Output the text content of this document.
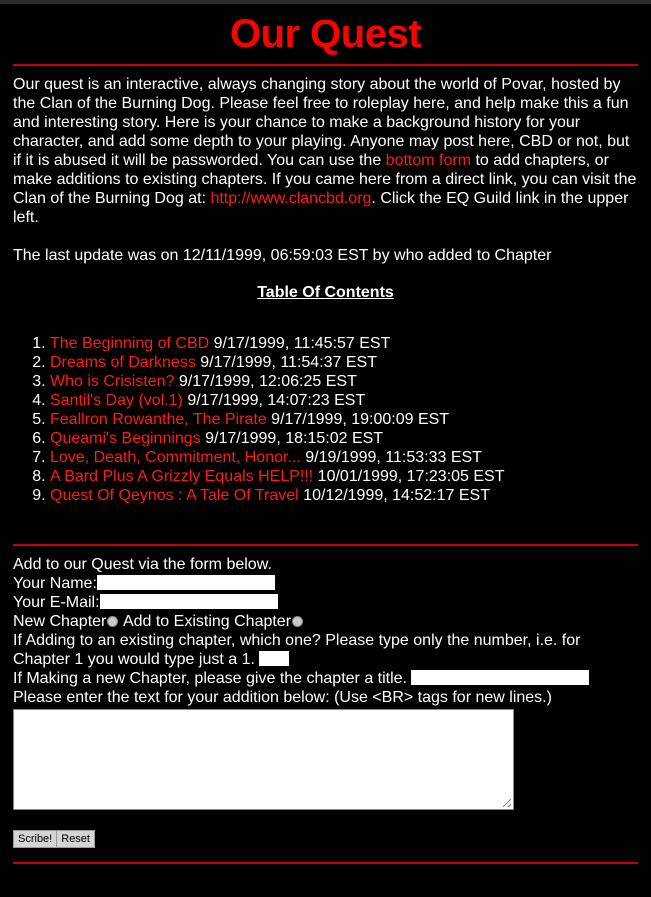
Our Quest

Our quest is an interactive, always changing story about the world of Povar, hosted by the Clan of the Burning Dog. Please feel free to roleplay here, and help make this a fun and interesting story. Here is your chance to make a background history for your character, and add some depth to your playing. Anyone may post here, CBD or not, but if it is abused it will be passworded. You can use the bottom form to add chapters, or make additions to existing chapters. If you came here from a direct link, you can visit the Clan of the Burning Dog at: http://www.clancbd.org. Click the EQ Guild link in the upper left.

The last update was on 12/11/1999, 06:59:03 EST by who added to Chapter

Table Of Contents
1. The Beginning of CBD 9/17/1999, 11:45:57 EST
2. Dreams of Darkness 9/17/1999, 11:54:37 EST
3. Who is Crisisten? 9/17/1999, 12:06:25 EST
4. Santil's Day (vol.1) 9/17/1999, 14:07:23 EST
5. Feallron Rowanthe, The Pirate 9/17/1999, 19:00:09 EST
6. Queami's Beginnings 9/17/1999, 18:15:02 EST
7. Love, Death, Commitment, Honor... 9/19/1999, 11:53:33 EST
8. A Bard Plus A Grizzly Equals HELP!!! 10/01/1999, 17:23:05 EST
9. Quest Of Qeynos : A Tale Of Travel 10/12/1999, 14:52:17 EST
Add to our Quest via the form below.
Your Name:
Your E-Mail:
New Chapter Add to Existing Chapter
If Adding to an existing chapter, which one? Please type only the number, i.e. for
Chapter 1 you would type just a 1.
If Making a new Chapter, please give the chapter a title.
Please enter the text for your addition below: (Use <BR> tags for new lines.)
Scribe! Reset
